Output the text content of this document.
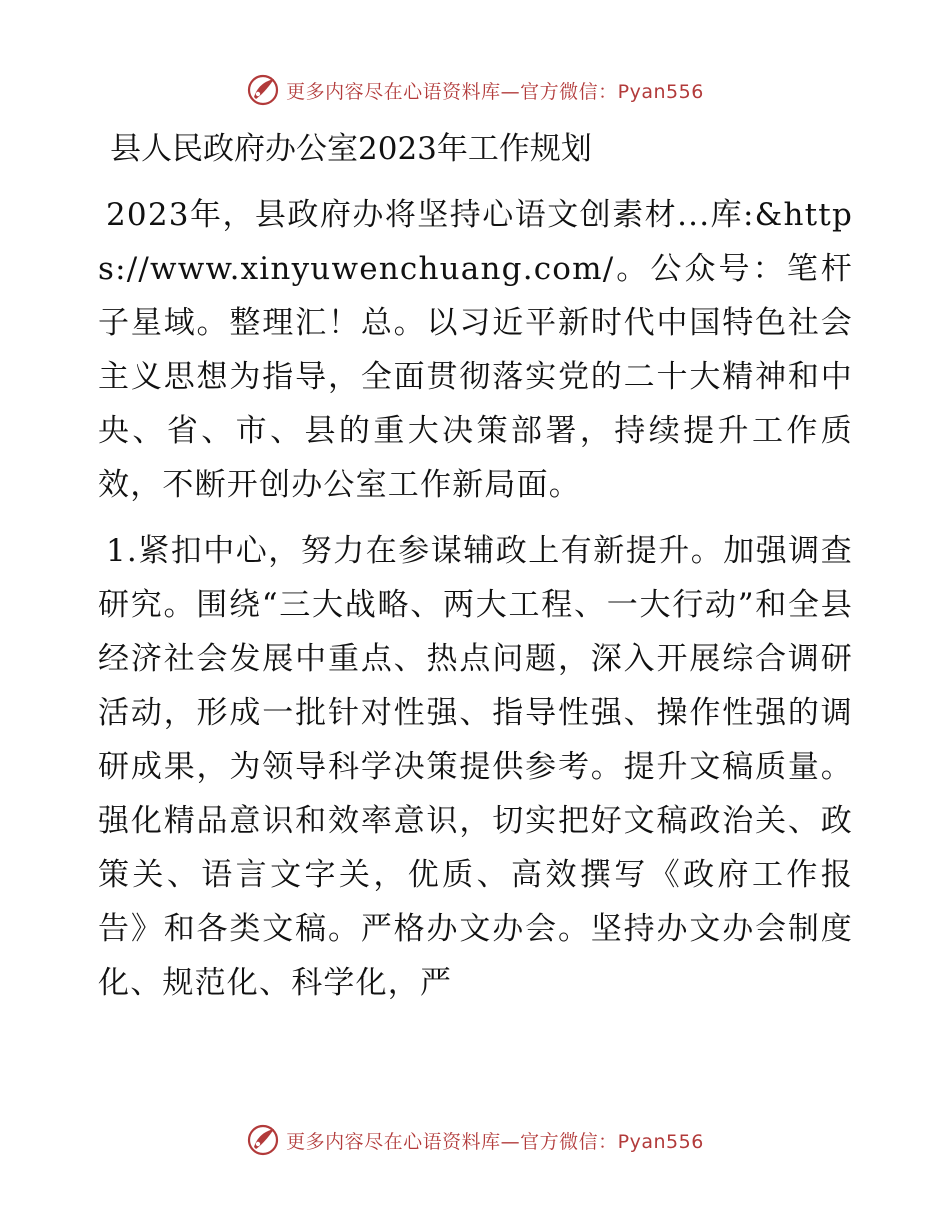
更多内容尽在心语资料库—官方微信：Pyan556
县人民政府办公室2023年工作规划

2023年，县政府办将坚持心语文创素材...库:&https://www.xinyuwenchuang.com/。公众号：笔杆子星域。整理汇！总。以习近平新时代中国特色社会主义思想为指导，全面贯彻落实党的二十大精神和中央、省、市、县的重大决策部署，持续提升工作质效，不断开创办公室工作新局面。

1.紧扣中心，努力在参谋辅政上有新提升。加强调查研究。围绕“三大战略、两大工程、一大行动”和全县经济社会发展中重点、热点问题，深入开展综合调研活动，形成一批针对性强、指导性强、操作性强的调研成果，为领导科学决策提供参考。提升文稿质量。强化精品意识和效率意识，切实把好文稿政治关、政策关、语言文字关，优质、高效撰写《政府工作报告》和各类文稿。严格办文办会。坚持办文办会制度化、规范化、科学化，严

更多内容尽在心语资料库—官方微信：Pyan556
